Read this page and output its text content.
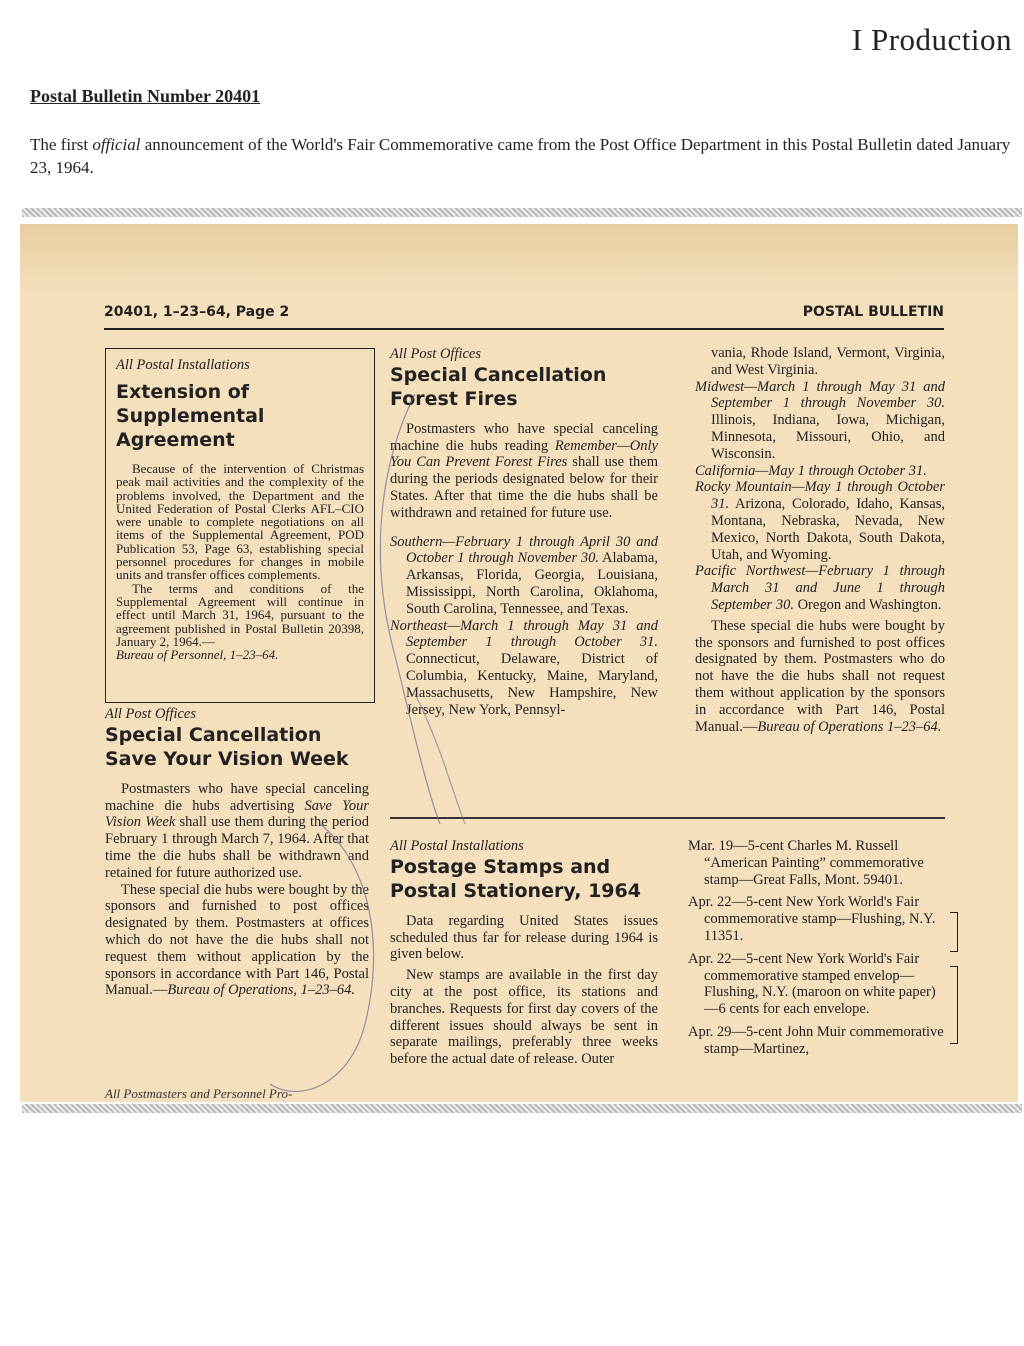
I Production
Postal Bulletin Number 20401
The first official announcement of the World's Fair Commemorative came from the Post Office Department in this Postal Bulletin dated January 23, 1964.
20401, 1–23–64, Page 2	POSTAL BULLETIN

All Postal Installations

Extension of Supplemental Agreement

Because of the intervention of Christmas peak mail activities and the complexity of the problems involved, the Department and the United Federation of Postal Clerks AFL–CIO were unable to complete negotiations on all items of the Supplemental Agreement, POD Publication 53, Page 63, establishing special personnel procedures for changes in mobile units and transfer offices complements.

The terms and conditions of the Supplemental Agreement will continue in effect until March 31, 1964, pursuant to the agreement published in Postal Bulletin 20398, January 2, 1964.—

Bureau of Personnel, 1–23–64.

All Post Offices

Special Cancellation Save Your Vision Week

Postmasters who have special canceling machine die hubs advertising Save Your Vision Week shall use them during the period February 1 through March 7, 1964. After that time the die hubs shall be withdrawn and retained for future authorized use.

These special die hubs were bought by the sponsors and furnished to post offices designated by them. Postmasters at offices which do not have the die hubs shall not request them without application by the sponsors in accordance with Part 146, Postal Manual.—Bureau of Operations, 1–23–64.

All Postmasters and Personnel Pro-

All Post Offices

Special Cancellation Forest Fires

Postmasters who have special canceling machine die hubs reading Remember—Only You Can Prevent Forest Fires shall use them during the periods designated below for their States. After that time the die hubs shall be withdrawn and retained for future use.

Southern—February 1 through April 30 and October 1 through November 30. Alabama, Arkansas, Florida, Georgia, Louisiana, Mississippi, North Carolina, Oklahoma, South Carolina, Tennessee, and Texas.

Northeast—March 1 through May 31 and September 1 through October 31. Connecticut, Delaware, District of Columbia, Kentucky, Maine, Maryland, Massachusetts, New Hampshire, New Jersey, New York, Pennsyl-

vania, Rhode Island, Vermont, Virginia, and West Virginia.

Midwest—March 1 through May 31 and September 1 through November 30. Illinois, Indiana, Iowa, Michigan, Minnesota, Missouri, Ohio, and Wisconsin.

California—May 1 through October 31.

Rocky Mountain—May 1 through October 31. Arizona, Colorado, Idaho, Kansas, Montana, Nebraska, Nevada, New Mexico, North Dakota, South Dakota, Utah, and Wyoming.

Pacific Northwest—February 1 through March 31 and June 1 through September 30. Oregon and Washington.

These special die hubs were bought by the sponsors and furnished to post offices designated by them. Postmasters who do not have the die hubs shall not request them without application by the sponsors in accordance with Part 146, Postal Manual.—Bureau of Operations 1–23–64.

All Postal Installations

Postage Stamps and Postal Stationery, 1964

Data regarding United States issues scheduled thus far for release during 1964 is given below.

New stamps are available in the first day city at the post office, its stations and branches. Requests for first day covers of the different issues should always be sent in separate mailings, preferably three weeks before the actual date of release. Outer

Mar. 19—5-cent Charles M. Russell “American Painting” commemorative stamp—Great Falls, Mont. 59401.

Apr. 22—5-cent New York World's Fair commemorative stamp—Flushing, N.Y. 11351.

Apr. 22—5-cent New York World's Fair commemorative stamped envelop—Flushing, N.Y. (maroon on white paper)—6 cents for each envelope.

Apr. 29—5-cent John Muir commemorative stamp—Martinez,
